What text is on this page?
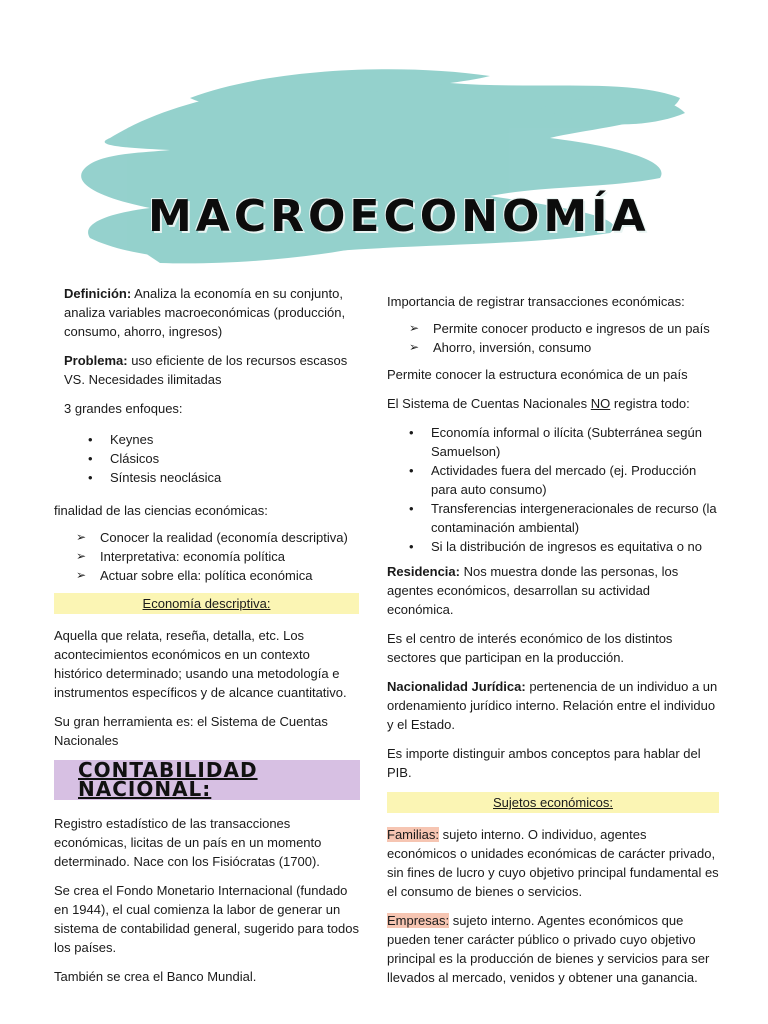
MACROECONOMÍA

Definición: Analiza la economía en su conjunto, analiza variables macroeconómicas (producción, consumo, ahorro, ingresos)

Problema: uso eficiente de los recursos escasos VS. Necesidades ilimitadas

3 grandes enfoques:

• Keynes
• Clásicos
• Síntesis neoclásica

finalidad de las ciencias económicas:

➢ Conocer la realidad (economía descriptiva)
➢ Interpretativa: economía política
➢ Actuar sobre ella: política económica
Economía descriptiva:

Aquella que relata, reseña, detalla, etc. Los acontecimientos económicos en un contexto histórico determinado; usando una metodología e instrumentos específicos y de alcance cuantitativo.

Su gran herramienta es: el Sistema de Cuentas Nacionales

CONTABILIDAD NACIONAL:

Registro estadístico de las transacciones económicas, licitas de un país en un momento determinado. Nace con los Fisiócratas (1700).

Se crea el Fondo Monetario Internacional (fundado en 1944), el cual comienza la labor de generar un sistema de contabilidad general, sugerido para todos los países.

También se crea el Banco Mundial.

Importancia de registrar transacciones económicas:

➢ Permite conocer producto e ingresos de un país
➢ Ahorro, inversión, consumo

Permite conocer la estructura económica de un país

El Sistema de Cuentas Nacionales NO registra todo:

• Economía informal o ilícita (Subterránea según Samuelson)
• Actividades fuera del mercado (ej. Producción para auto consumo)
• Transferencias intergeneracionales de recurso (la contaminación ambiental)
• Si la distribución de ingresos es equitativa o no

Residencia: Nos muestra donde las personas, los agentes económicos, desarrollan su actividad económica.

Es el centro de interés económico de los distintos sectores que participan en la producción.

Nacionalidad Jurídica: pertenencia de un individuo a un ordenamiento jurídico interno. Relación entre el individuo y el Estado.

Es importe distinguir ambos conceptos para hablar del PIB.

Sujetos económicos:

Familias: sujeto interno. O individuo, agentes económicos o unidades económicas de carácter privado, sin fines de lucro y cuyo objetivo principal fundamental es el consumo de bienes o servicios.

Empresas: sujeto interno. Agentes económicos que pueden tener carácter público o privado cuyo objetivo principal es la producción de bienes y servicios para ser llevados al mercado, venidos y obtener una ganancia.
